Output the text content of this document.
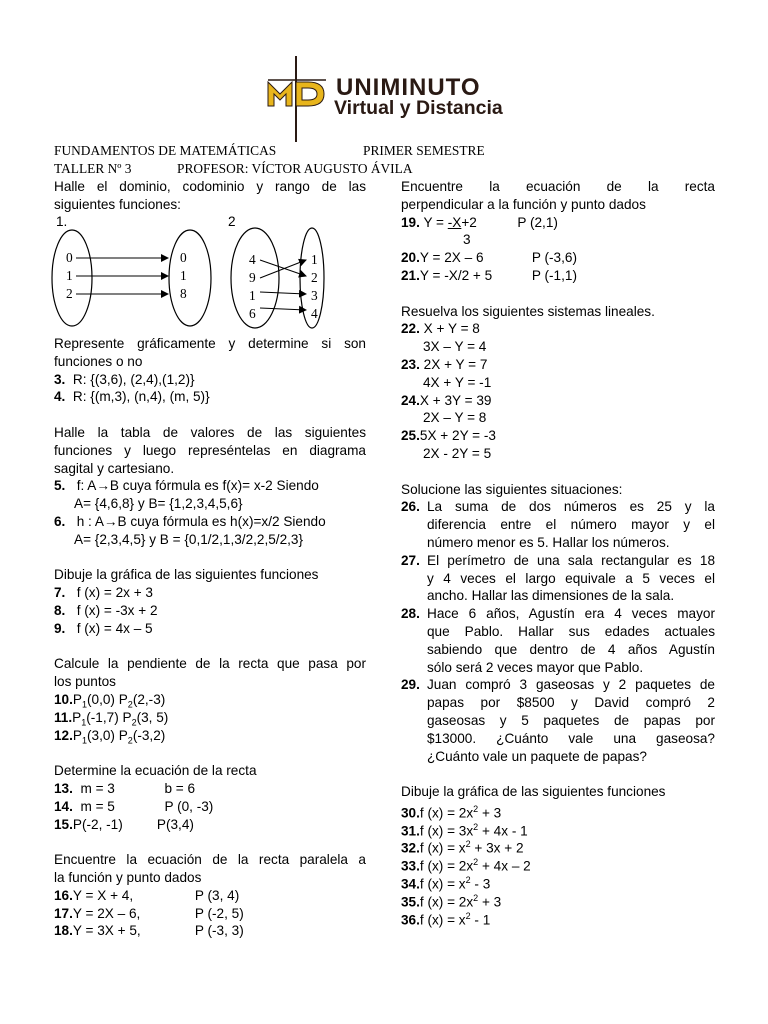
UNIMINUTO
Virtual y Distancia
FUNDAMENTOS DE MATEMÁTICAS	PRIMER SEMESTRE
TALLER Nº 3	PROFESOR: VÍCTOR AUGUSTO ÁVILA
Halle el dominio, codominio y rango de las
siguientes funciones:
1.	2
0
1
2
0
1
8
4
9
1
6
1
2
3
4
Represente gráficamente y determine si son
funciones o no
3. R: {(3,6), (2,4),(1,2)}
4. R: {(m,3), (n,4), (m, 5)}
Halle la tabla de valores de las siguientes
funciones y luego represéntelas en diagrama
sagital y cartesiano.
5. f: A→B cuya fórmula es f(x)= x-2 Siendo
A= {4,6,8} y B= {1,2,3,4,5,6}
6. h : A→B cuya fórmula es h(x)=x/2 Siendo
A= {2,3,4,5} y B = {0,1/2,1,3/2,2,5/2,3}
Dibuje la gráfica de las siguientes funciones
7. f (x) = 2x + 3
8. f (x) = -3x + 2
9. f (x) = 4x – 5
Calcule la pendiente de la recta que pasa por
los puntos
$10.P_1(0,0)$ $P_2(2,-3)$
$11.P_1(-1,7)$ $P_2(3$, 5)
$12.P_1(3,0)$ $P_2(-3,2)$
Determine la ecuación de la recta
13. m = 3	b = 6
14. m = 5	P (0, -3)
15.P(-2, -1)	P(3,4)
Encuentre la ecuación de la recta paralela a
la función y punto dados
16.Y = X + 4,	P (3, 4)
17.Y = 2X – 6,	P (-2, 5)
18.Y = 3X + 5,	P (-3, 3)
Encuentre la ecuación de la recta
perpendicular a la función y punto dados
19. Y = -X+2	P (2,1)
3
20.Y = 2X – 6	P (-3,6)
21.Y = -X/2 + 5	P (-1,1)
Resuelva los siguientes sistemas lineales.
22. X + Y = 8
3X – Y = 4
23. 2X + Y = 7
4X + Y = -1
24.X + 3Y = 39
2X – Y = 8
25.5X + 2Y = -3
2X - 2Y = 5
Solucione las siguientes situaciones:
26. La suma de dos números es 25 y la
diferencia entre el número mayor y el
número menor es 5. Hallar los números.
27. El perímetro de una sala rectangular es 18
y 4 veces el largo equivale a 5 veces el
ancho. Hallar las dimensiones de la sala.
28. Hace 6 años, Agustín era 4 veces mayor
que Pablo. Hallar sus edades actuales
sabiendo que dentro de 4 años Agustín
sólo será 2 veces mayor que Pablo.
29. Juan compró 3 gaseosas y 2 paquetes de
papas por $8500 y David compró 2
gaseosas y 5 paquetes de papas por
$13000. ¿Cuánto vale una gaseosa?
¿Cuánto vale un paquete de papas?
Dibuje la gráfica de las siguientes funciones
30.f $(x) = 2x^2 + 3$
31.f $(x) = 3x^2 + 4x - 1$
32.f $(x) = x^2 + 3x + 2$
33.f $(x) = 2x^2 + 4x - 2$
34.f $(x) = x^2 - 3$
35.f $(x) = 2x^2 + 3$
36.f $(x) = x^2 - 1$
